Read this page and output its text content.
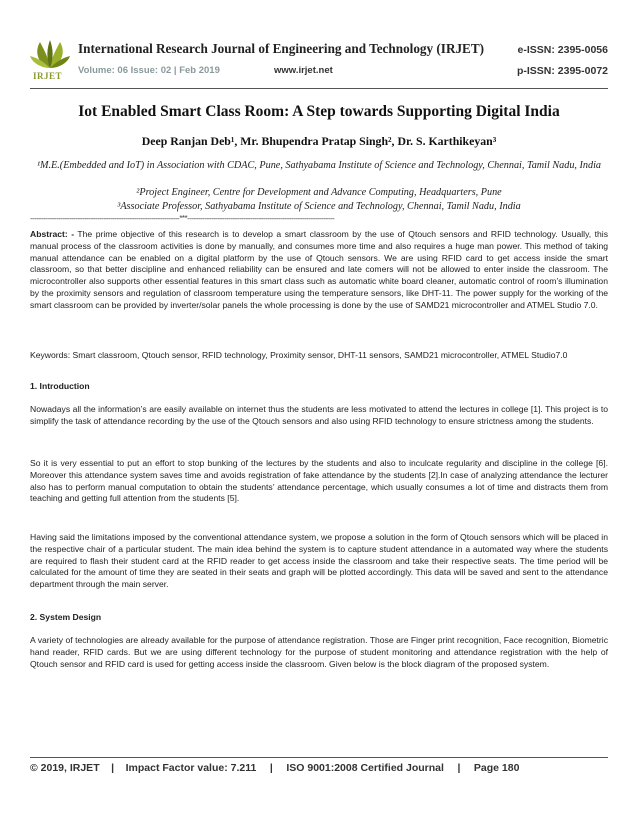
IRJET
International Research Journal of Engineering and Technology (IRJET)	e-ISSN: 2395-0056
Volume: 06 Issue: 02 | Feb 2019	www.irjet.net	p-ISSN: 2395-0072
Iot Enabled Smart Class Room: A Step towards Supporting Digital India
Deep Ranjan Deb¹, Mr. Bhupendra Pratap Singh², Dr. S. Karthikeyan³
¹M.E.(Embedded and IoT) in Association with CDAC, Pune, Sathyabama Institute of Science and Technology, Chennai, Tamil Nadu, India
²Project Engineer, Centre for Development and Advance Computing, Headquarters, Pune
³Associate Professor, Sathyabama Institute of Science and Technology, Chennai, Tamil Nadu, India
---------------------------------------------------------------------***--------------------------------------------------------------------
Abstract: - The prime objective of this research is to develop a smart classroom by the use of Qtouch sensors and RFID technology. Usually, this manual process of the classroom activities is done by manually, and consumes more time and also requires a huge man power. This method of taking manual attendance can be enabled on a digital platform by the use of Qtouch sensors. We are using RFID card to get access inside the smart classroom, so that better discipline and enhanced reliability can be ensured and late comers will not be allowed to enter inside the classroom. The microcontroller also supports other essential features in this smart class such as automatic white board cleaner, automatic control of room’s illumination by the proximity sensors and regulation of classroom temperature using the temperature sensors, like DHT-11. The power supply for the working of the smart classroom can be provided by inverter/solar panels the whole processing is done by the use of SAMD21 microcontroller and ATMEL Studio 7.0.
Keywords: Smart classroom, Qtouch sensor, RFID technology, Proximity sensor, DHT-11 sensors, SAMD21 microcontroller, ATMEL Studio7.0
1. Introduction
Nowadays all the information’s are easily available on internet thus the students are less motivated to attend the lectures in college [1]. This project is to simplify the task of attendance recording by the use of the Qtouch sensors and also using RFID technology to ensure strictness among the students.
So it is very essential to put an effort to stop bunking of the lectures by the students and also to inculcate regularity and discipline in the college [6]. Moreover this attendance system saves time and avoids registration of fake attendance by the students [2].In case of analyzing attendance the lecturer also has to perform manual computation to obtain the students’ attendance percentage, which usually consumes a lot of time and distracts them from teaching and getting full attention from the students [5].
Having said the limitations imposed by the conventional attendance system, we propose a solution in the form of Qtouch sensors which will be placed in the respective chair of a particular student. The main idea behind the system is to capture student attendance in a automated way where the students are required to flash their student card at the RFID reader to get access inside the classroom and take their respective seats. The time period will be calculated for the amount of time they are seated in their seats and graph will be plotted accordingly. This data will be saved and sent to the attendance department through the main server.
2. System Design
A variety of technologies are already available for the purpose of attendance registration. Those are Finger print recognition, Face recognition, Biometric hand reader, RFID cards. But we are using different technology for the purpose of student monitoring and attendance registration with the help of Qtouch sensor and RFID card is used for getting access inside the classroom. Given below is the block diagram of the proposed system.
© 2019, IRJET | Impact Factor value: 7.211 | ISO 9001:2008 Certified Journal | Page 180
